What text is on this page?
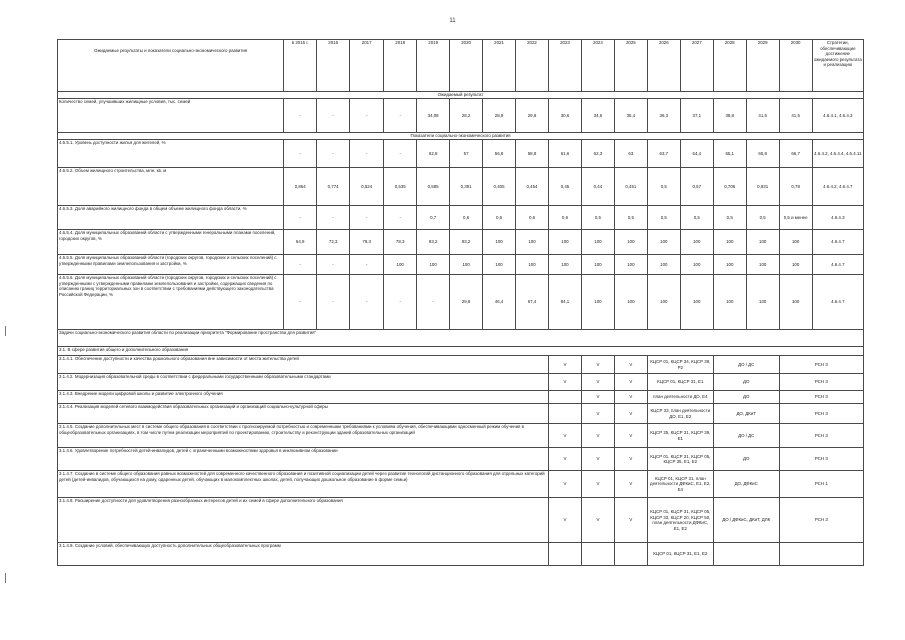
11
Ожидаемые результаты и показатели социально-экономического развития	в 2015 г.	2016	2017	2018	2019	2020	2021	2022	2023	2024	2025	2026	2027	2028	2029	2030	Стратегии, обеспечивающие достижение ожидаемого результата и реализацию
Ожидаемый результат																	
Количество семей, улучшивших жилищные условия, тыс. семей	-	-	-	-	34,08	28,2	28,9	29,8	30,6	34,6	35,4	36,3	37,1	38,8	41,5	41,5	4.6.4.1, 4.6.4.3
Показатели социально-экономического развития																	
4.6.5.1. Уровень доступности жилья для жителей, %	-	-	-	-	62,8	57	56,8	58,8	61,6	62,3	63	63,7	64,4	65,1	65,8	66,7	4.6.4.2, 4.6.4.4, 4.6.4.11
4.6.5.2. Объем жилищного строительства, млн. кв. м	0,864	0,774	0,524	0,535	0,585	0,391	0,405	0,454	0,45	0,44	0,451	0,5	0,57	0,706	0,931	0,78	4.6.4.2, 4.6.4.7
4.6.5.3. Доля аварийного жилищного фонда в общем объеме жилищного фонда области, %	-	-	-	-	0,7	0,6	0,6	0,6	0,6	0,5	0,5	0,5	0,5	0,5	0,5	0,5 и менее	4.6.4.3
4.6.5.4. Доля муниципальных образований области с утвержденными генеральными планами поселений, городских округов, %	64,9	72,3	78,3	78,3	93,2	93,2	100	100	100	100	100	100	100	100	100	100	4.6.4.7
4.6.5.5. Доля муниципальных образований области (городских округов, городских и сельских поселений) с утвержденными правилами землепользования и застройки, %	-	-	-	100	100	100	100	100	100	100	100	100	100	100	100	100	4.6.4.7
4.6.5.6. Доля муниципальных образований области (городских округов, городских и сельских поселений) с утвержденными с утвержденными правилами землепользования и застройки, содержащих сведения по описанию границ территориальных зон в соответствии с требованиями действующего законодательства Российской Федерации, %	-	-	-	-	-	29,8	46,4	67,4	84,1	100	100	100	100	100	100	100	4.6.4.7
Задачи социально-экономического развития области по реализации приоритета "Формирование пространства для развития"																	
3.1. В сфере развития общего и дополнительного образования																	
3.1.4.1. Обеспечение доступности и качества дошкольного образования вне зависимости от места жительства детей									V	V	V	КЦСР 01, КЦСР 34, КЦСР 39, Р2		ДО / ДС		РСН 3	
3.1.4.2. Модернизация образовательной среды в соответствии с федеральными государственными образовательными стандартами									V	V	V	КЦСР 01, КЦСР 31, Е1		ДО		РСН 3	
3.1.4.3. Внедрение модели цифровой школы и развитие электронного обучения										V	V	план деятельности ДО, Е4		ДО		РСН 3	
3.1.4.4. Реализация моделей сетевого взаимодействия образовательных организаций и организаций социально-культурной сферы										V	V	КЦСР 33, план деятельности ДО, Е1, Е2		ДО, ДКиТ		РСН 3	
3.1.4.5. Создание дополнительных мест в системе общего образования в соответствии с прогнозируемой потребностью и современными требованиями к условиям обучения, обеспечивающими односменный режим обучения в общеобразовательных организациях, в том числе путем реализации мероприятий по проектированию, строительству и реконструкции зданий образовательных организаций									V	V	V	КЦСР 25, КЦСР 31, КЦСР 39, Е1		ДО / ДС		РСН 3	
3.1.4.6. Удовлетворение потребностей детей-инвалидов, детей с ограниченными возможностями здоровья в инклюзивном образовании									V	V	V	КЦСР 01, КЦСР 31, КЦСР 05, КЦСР 35, Е1, Е2		ДО		РСН 3	
3.1.4.7. Создание в системе общего образования равных возможностей для современного качественного образования и позитивной социализации детей через развитие технологий дистанционного образования для отдельных категорий детей (детей-инвалидов, обучающихся на дому, одаренных детей, обучающих в малокомплектных школах, детей, получающих дошкольное образование в форме семьи)									V	V	V	КЦСР 01, КЦСР 31, план деятельности ДФКиС, Е1, Е2, Е4		ДО, ДФКиС		РСН 1	
3.1.4.8. Расширение доступности для удовлетворения разнообразных интересов детей и их семей в сфере дополнительного образования									V	V	V	КЦСР 01, КЦСР 31, КЦСР 05, КЦСР 33, КЦСР 20, КЦСР 50, план деятельности ДФКиС, Е1, Е2		ДО / ДФКиС, ДКиТ, ДЛК		РСН 3	
3.1.4.9. Создание условий, обеспечивающих доступность дополнительных общеобразовательных программ												КЦСР 01, КЦСР 31, Е1, Е2					
